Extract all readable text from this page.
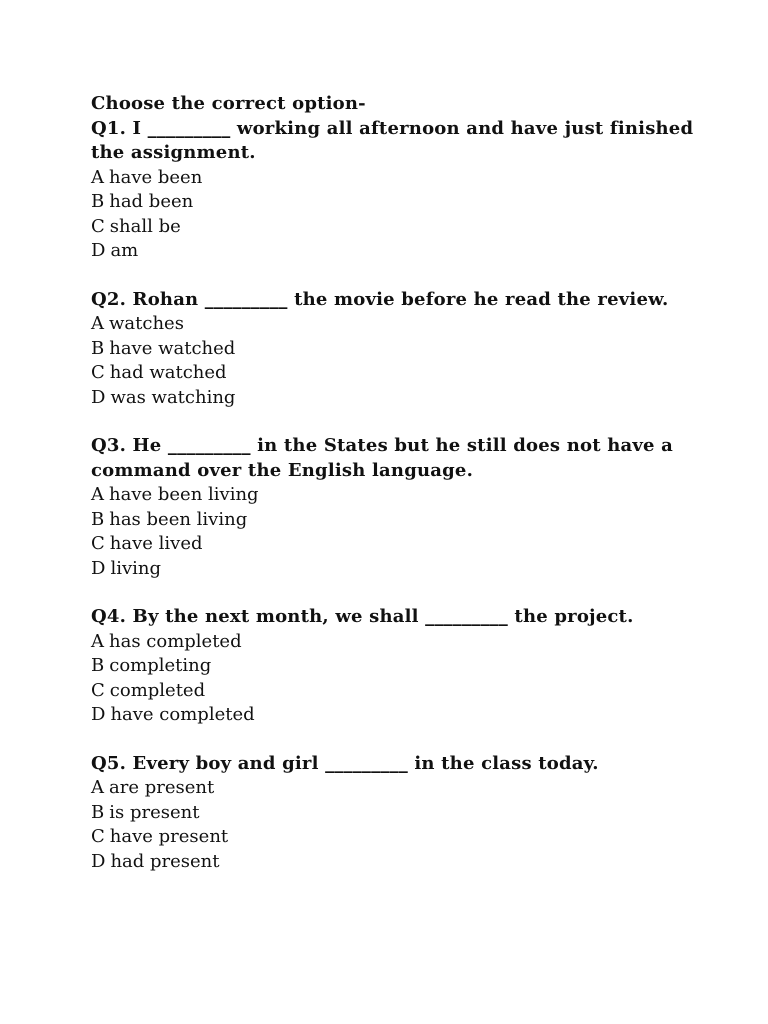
Choose the correct option-
Q1. I _________ working all afternoon and have just finished the assignment.
A have been
B had been
C shall be
D am
Q2. Rohan _________ the movie before he read the review.
A watches
B have watched
C had watched
D was watching
Q3. He _________ in the States but he still does not have a command over the English language.
A have been living
B has been living
C have lived
D living
Q4. By the next month, we shall _________ the project.
A has completed
B completing
C completed
D have completed
Q5. Every boy and girl _________ in the class today.
A are present
B is present
C have present
D had present
